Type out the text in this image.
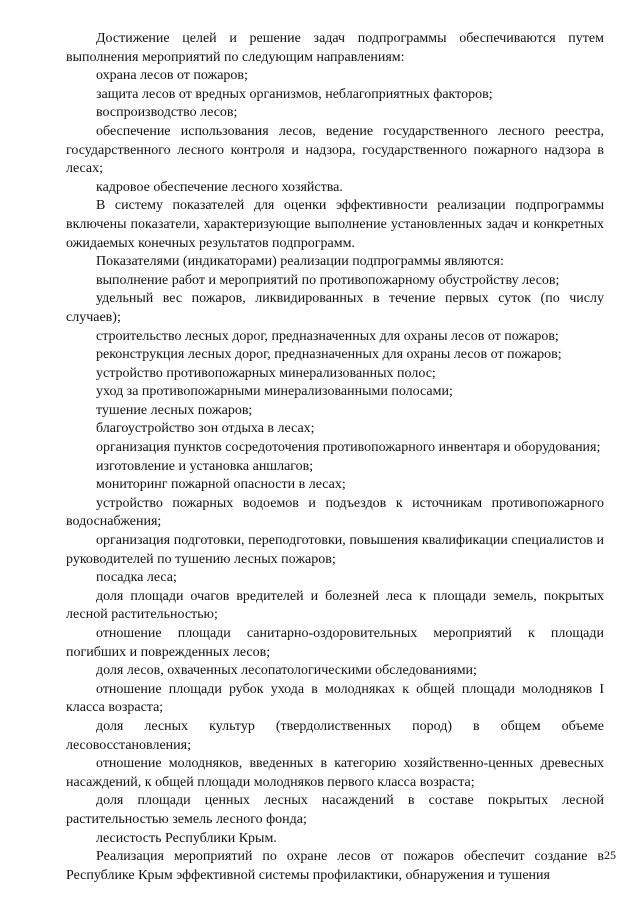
Достижение целей и решение задач подпрограммы обеспечиваются путем выполнения мероприятий по следующим направлениям:

охрана лесов от пожаров;

защита лесов от вредных организмов, неблагоприятных факторов;

воспроизводство лесов;

обеспечение использования лесов, ведение государственного лесного реестра, государственного лесного контроля и надзора, государственного пожарного надзора в лесах;

кадровое обеспечение лесного хозяйства.

В систему показателей для оценки эффективности реализации подпрограммы включены показатели, характеризующие выполнение установленных задач и конкретных ожидаемых конечных результатов подпрограмм.

Показателями (индикаторами) реализации подпрограммы являются:

выполнение работ и мероприятий по противопожарному обустройству лесов;

удельный вес пожаров, ликвидированных в течение первых суток (по числу случаев);

строительство лесных дорог, предназначенных для охраны лесов от пожаров;

реконструкция лесных дорог, предназначенных для охраны лесов от пожаров;

устройство противопожарных минерализованных полос;

уход за противопожарными минерализованными полосами;

тушение лесных пожаров;

благоустройство зон отдыха в лесах;

организация пунктов сосредоточения противопожарного инвентаря и оборудования;

изготовление и установка аншлагов;

мониторинг пожарной опасности в лесах;

устройство пожарных водоемов и подъездов к источникам противопожарного водоснабжения;

организация подготовки, переподготовки, повышения квалификации специалистов и руководителей по тушению лесных пожаров;

посадка леса;

доля площади очагов вредителей и болезней леса к площади земель, покрытых лесной растительностью;

отношение площади санитарно-оздоровительных мероприятий к площади погибших и поврежденных лесов;

доля лесов, охваченных лесопатологическими обследованиями;

отношение площади рубок ухода в молодняках к общей площади молодняков I класса возраста;

доля лесных культур (твердолиственных пород) в общем объеме лесовосстановления;

отношение молодняков, введенных в категорию хозяйственно-ценных древесных насаждений, к общей площади молодняков первого класса возраста;

доля площади ценных лесных насаждений в составе покрытых лесной растительностью земель лесного фонда;

лесистость Республики Крым.

Реализация мероприятий по охране лесов от пожаров обеспечит создание в Республике Крым эффективной системы профилактики, обнаружения и тушения

25
